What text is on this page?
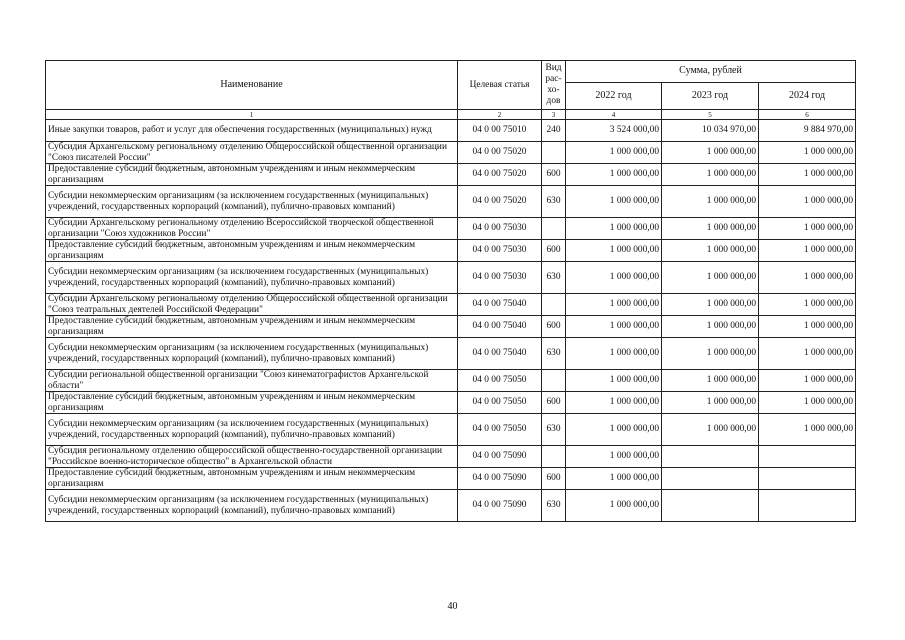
Наименование	Целевая статья	Вид рас-хо-дов	Сумма, рублей		
			2022 год	2023 год	2024 год
1	2	3	4	5	6
Иные закупки товаров, работ и услуг для обеспечения государственных (муниципальных) нужд	04 0 00 75010	240	3 524 000,00	10 034 970,00	9 884 970,00
Субсидия Архангельскому региональному отделению Общероссийской общественной организации "Союз писателей России"	04 0 00 75020		1 000 000,00	1 000 000,00	1 000 000,00
Предоставление субсидий бюджетным, автономным учреждениям и иным некоммерческим организациям	04 0 00 75020	600	1 000 000,00	1 000 000,00	1 000 000,00
Субсидии некоммерческим организациям (за исключением государственных (муниципальных) учреждений, государственных корпораций (компаний), публично-правовых компаний)	04 0 00 75020	630	1 000 000,00	1 000 000,00	1 000 000,00
Субсидии Архангельскому региональному отделению Всероссийской творческой общественной организации "Союз художников России"	04 0 00 75030		1 000 000,00	1 000 000,00	1 000 000,00
Предоставление субсидий бюджетным, автономным учреждениям и иным некоммерческим организациям	04 0 00 75030	600	1 000 000,00	1 000 000,00	1 000 000,00
Субсидии некоммерческим организациям (за исключением государственных (муниципальных) учреждений, государственных корпораций (компаний), публично-правовых компаний)	04 0 00 75030	630	1 000 000,00	1 000 000,00	1 000 000,00
Субсидии Архангельскому региональному отделению Общероссийской общественной организации "Союз театральных деятелей Российской Федерации"	04 0 00 75040		1 000 000,00	1 000 000,00	1 000 000,00
Предоставление субсидий бюджетным, автономным учреждениям и иным некоммерческим организациям	04 0 00 75040	600	1 000 000,00	1 000 000,00	1 000 000,00
Субсидии некоммерческим организациям (за исключением государственных (муниципальных) учреждений, государственных корпораций (компаний), публично-правовых компаний)	04 0 00 75040	630	1 000 000,00	1 000 000,00	1 000 000,00
Субсидии региональной общественной организации "Союз кинематографистов Архангельской области"	04 0 00 75050		1 000 000,00	1 000 000,00	1 000 000,00
Предоставление субсидий бюджетным, автономным учреждениям и иным некоммерческим организациям	04 0 00 75050	600	1 000 000,00	1 000 000,00	1 000 000,00
Субсидии некоммерческим организациям (за исключением государственных (муниципальных) учреждений, государственных корпораций (компаний), публично-правовых компаний)	04 0 00 75050	630	1 000 000,00	1 000 000,00	1 000 000,00
Субсидия региональному отделению общероссийской общественно-государственной организации "Российское военно-историческое общество" в Архангельской области	04 0 00 75090		1 000 000,00		
Предоставление субсидий бюджетным, автономным учреждениям и иным некоммерческим организациям	04 0 00 75090	600	1 000 000,00		
Субсидии некоммерческим организациям (за исключением государственных (муниципальных) учреждений, государственных корпораций (компаний), публично-правовых компаний)	04 0 00 75090	630	1 000 000,00		
40
